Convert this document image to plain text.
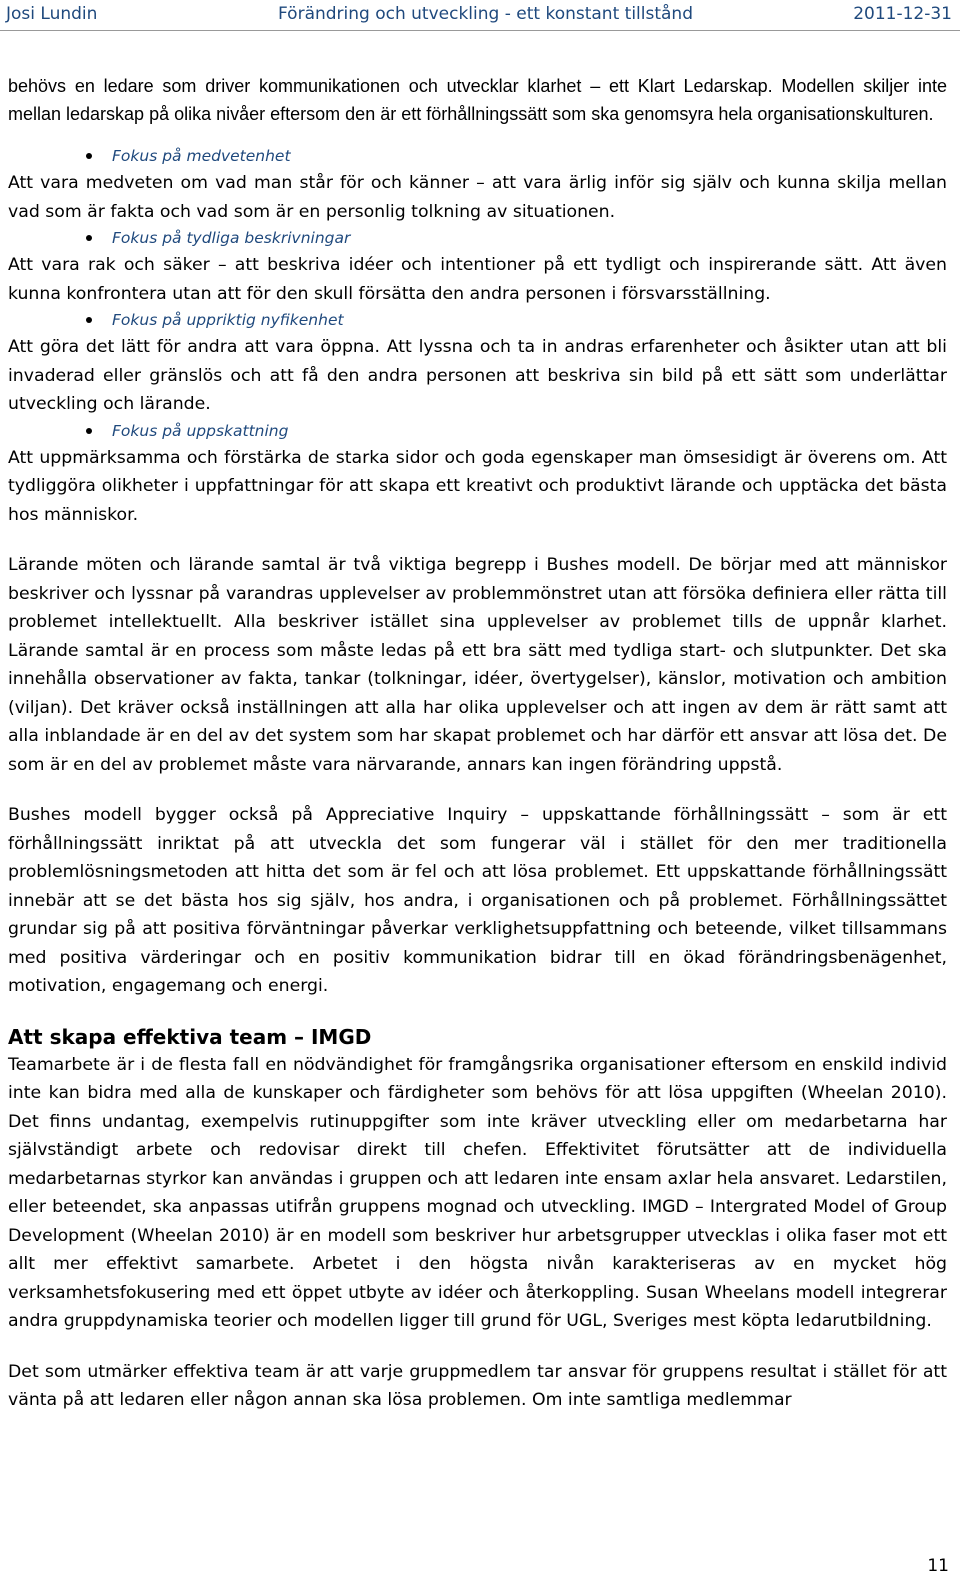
Josi Lundin	Förändring och utveckling - ett konstant tillstånd	2011-12-31

behövs en ledare som driver kommunikationen och utvecklar klarhet – ett Klart Ledarskap. Modellen skiljer inte mellan ledarskap på olika nivåer eftersom den är ett förhållningssätt som ska genomsyra hela organisationskulturen.

Fokus på medvetenhet

Att vara medveten om vad man står för och känner – att vara ärlig inför sig själv och kunna skilja mellan vad som är fakta och vad som är en personlig tolkning av situationen.

Fokus på tydliga beskrivningar

Att vara rak och säker – att beskriva idéer och intentioner på ett tydligt och inspirerande sätt. Att även kunna konfrontera utan att för den skull försätta den andra personen i försvarsställning.

Fokus på uppriktig nyfikenhet

Att göra det lätt för andra att vara öppna. Att lyssna och ta in andras erfarenheter och åsikter utan att bli invaderad eller gränslös och att få den andra personen att beskriva sin bild på ett sätt som underlättar utveckling och lärande.

Fokus på uppskattning

Att uppmärksamma och förstärka de starka sidor och goda egenskaper man ömsesidigt är överens om. Att tydliggöra olikheter i uppfattningar för att skapa ett kreativt och produktivt lärande och upptäcka det bästa hos människor.

Lärande möten och lärande samtal är två viktiga begrepp i Bushes modell. De börjar med att människor beskriver och lyssnar på varandras upplevelser av problemmönstret utan att försöka definiera eller rätta till problemet intellektuellt. Alla beskriver istället sina upplevelser av problemet tills de uppnår klarhet. Lärande samtal är en process som måste ledas på ett bra sätt med tydliga start- och slutpunkter. Det ska innehålla observationer av fakta, tankar (tolkningar, idéer, övertygelser), känslor, motivation och ambition (viljan). Det kräver också inställningen att alla har olika upplevelser och att ingen av dem är rätt samt att alla inblandade är en del av det system som har skapat problemet och har därför ett ansvar att lösa det. De som är en del av problemet måste vara närvarande, annars kan ingen förändring uppstå.

Bushes modell bygger också på Appreciative Inquiry – uppskattande förhållningssätt – som är ett förhållningssätt inriktat på att utveckla det som fungerar väl i stället för den mer traditionella problemlösningsmetoden att hitta det som är fel och att lösa problemet. Ett uppskattande förhållningssätt innebär att se det bästa hos sig själv, hos andra, i organisationen och på problemet. Förhållningssättet grundar sig på att positiva förväntningar påverkar verklighetsuppfattning och beteende, vilket tillsammans med positiva värderingar och en positiv kommunikation bidrar till en ökad förändringsbenägenhet, motivation, engagemang och energi.

Att skapa effektiva team – IMGD

Teamarbete är i de flesta fall en nödvändighet för framgångsrika organisationer eftersom en enskild individ inte kan bidra med alla de kunskaper och färdigheter som behövs för att lösa uppgiften (Wheelan 2010). Det finns undantag, exempelvis rutinuppgifter som inte kräver utveckling eller om medarbetarna har självständigt arbete och redovisar direkt till chefen. Effektivitet förutsätter att de individuella medarbetarnas styrkor kan användas i gruppen och att ledaren inte ensam axlar hela ansvaret. Ledarstilen, eller beteendet, ska anpassas utifrån gruppens mognad och utveckling. IMGD – Intergrated Model of Group Development (Wheelan 2010) är en modell som beskriver hur arbetsgrupper utvecklas i olika faser mot ett allt mer effektivt samarbete. Arbetet i den högsta nivån karakteriseras av en mycket hög verksamhetsfokusering med ett öppet utbyte av idéer och återkoppling. Susan Wheelans modell integrerar andra gruppdynamiska teorier och modellen ligger till grund för UGL, Sveriges mest köpta ledarutbildning.

Det som utmärker effektiva team är att varje gruppmedlem tar ansvar för gruppens resultat i stället för att vänta på att ledaren eller någon annan ska lösa problemen. Om inte samtliga medlemmar

11
